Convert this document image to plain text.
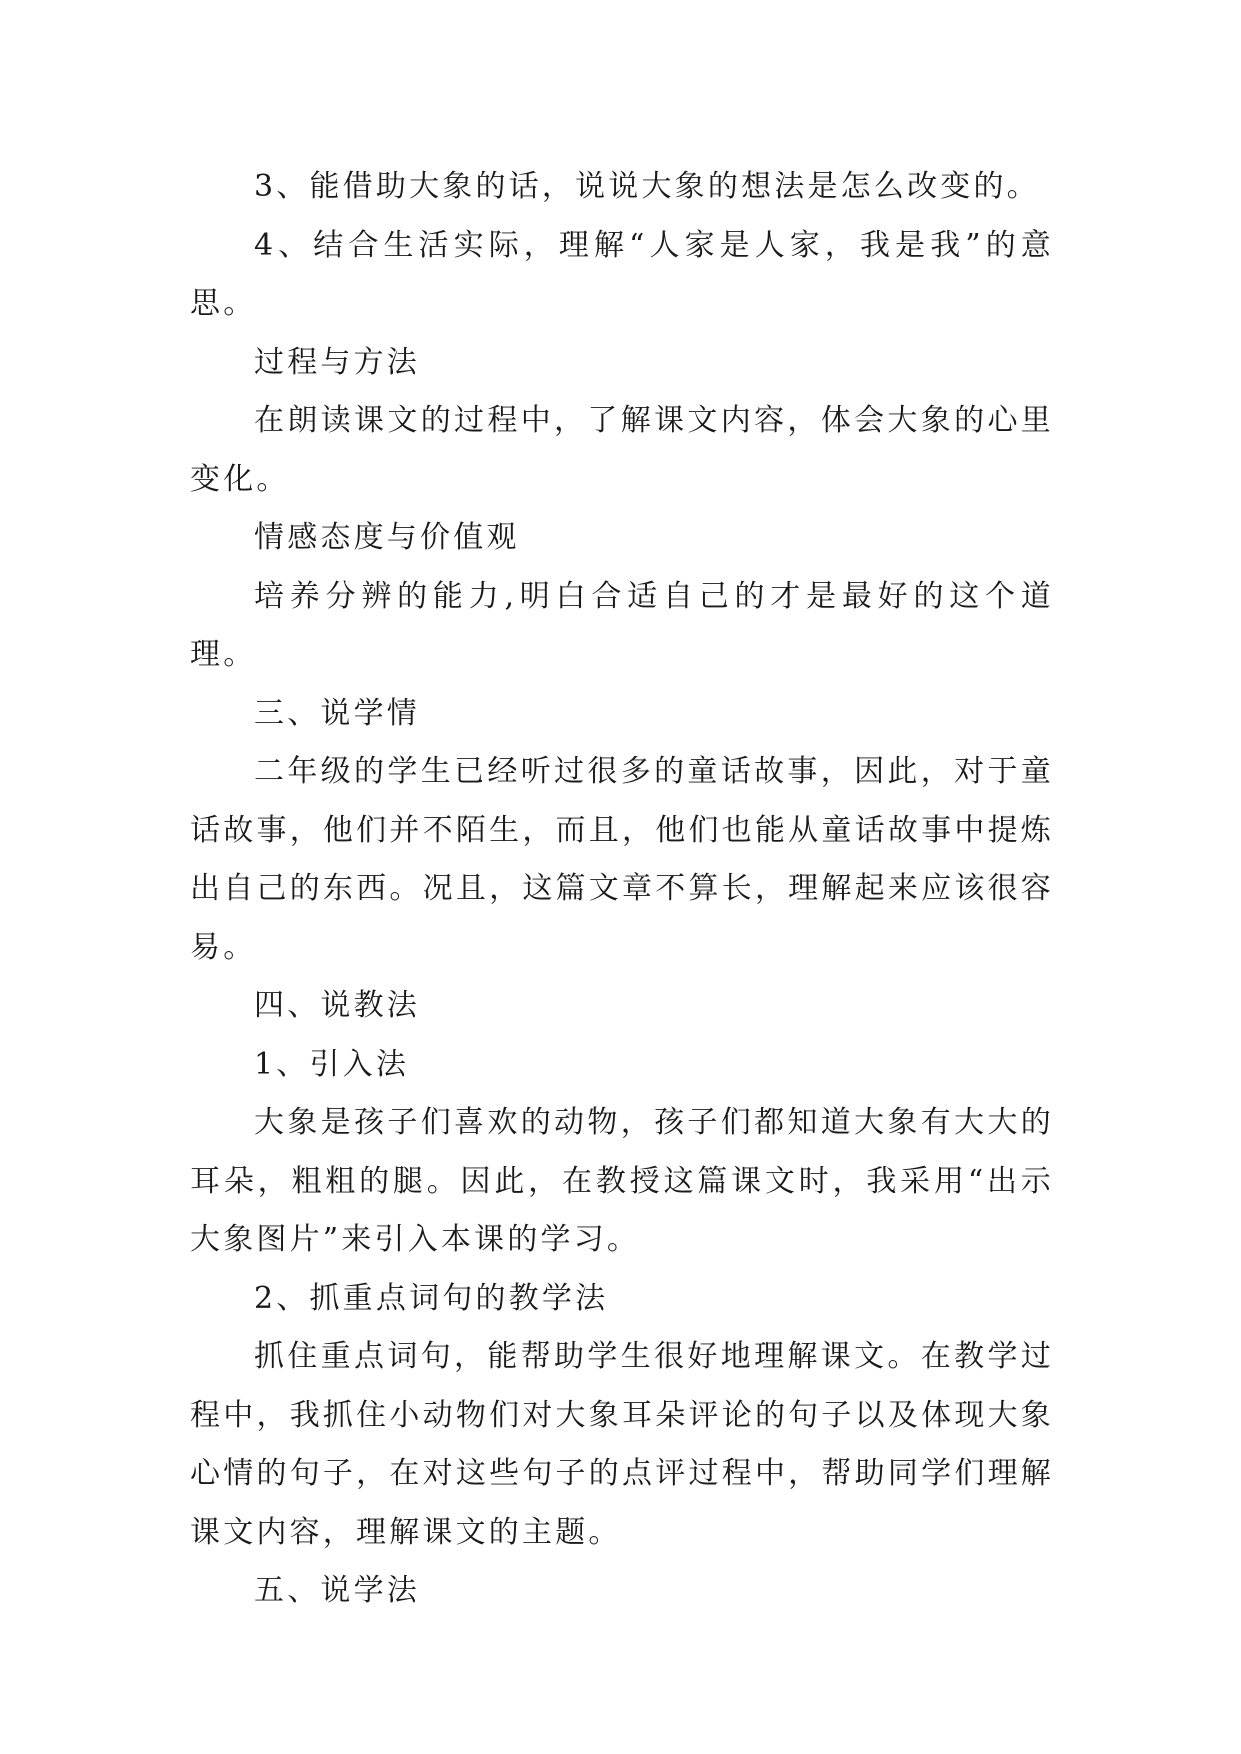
3、能借助大象的话，说说大象的想法是怎么改变的。

4、结合生活实际，理解“人家是人家，我是我”的意思。

过程与方法

在朗读课文的过程中，了解课文内容，体会大象的心里变化。

情感态度与价值观

培养分辨的能力,明白合适自己的才是最好的这个道理。

三、说学情

二年级的学生已经听过很多的童话故事，因此，对于童话故事，他们并不陌生，而且，他们也能从童话故事中提炼出自己的东西。况且，这篇文章不算长，理解起来应该很容易。

四、说教法

1、引入法

大象是孩子们喜欢的动物，孩子们都知道大象有大大的耳朵，粗粗的腿。因此，在教授这篇课文时，我采用“出示大象图片”来引入本课的学习。

2、抓重点词句的教学法

抓住重点词句，能帮助学生很好地理解课文。在教学过程中，我抓住小动物们对大象耳朵评论的句子以及体现大象心情的句子，在对这些句子的点评过程中，帮助同学们理解课文内容，理解课文的主题。

五、说学法
